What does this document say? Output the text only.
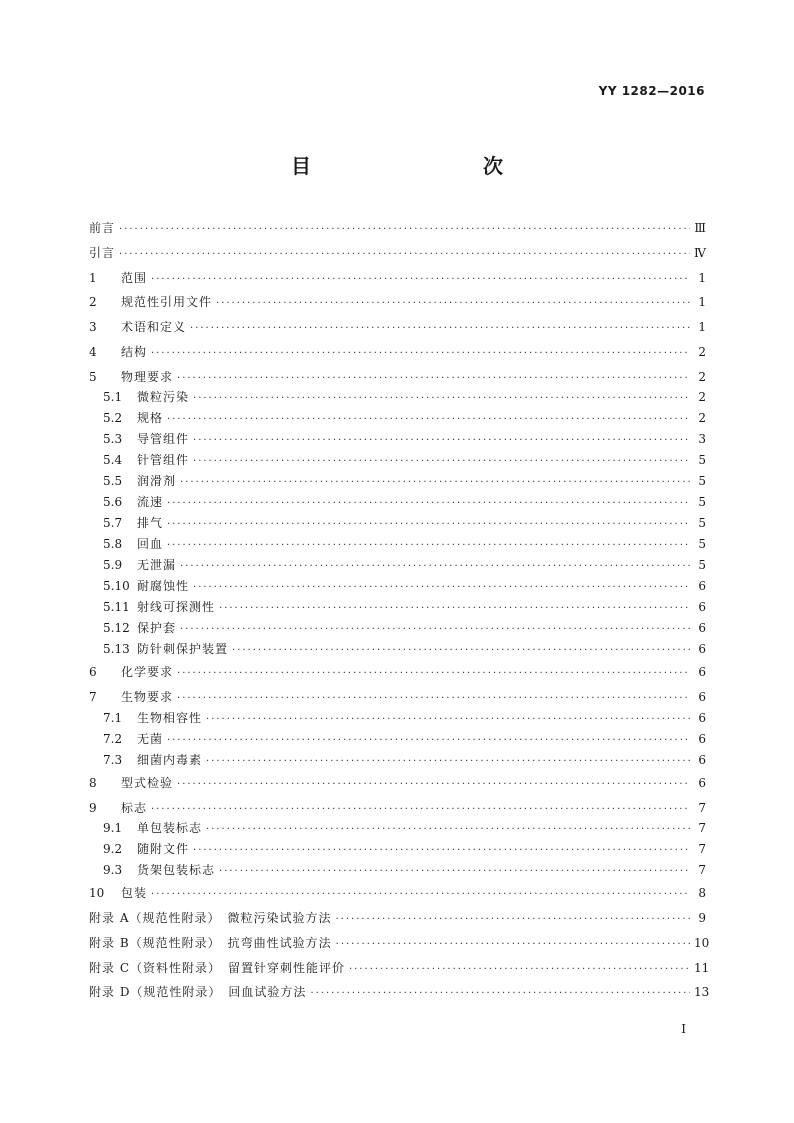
YY 1282—2016
目　　次
前言 ·····	Ⅲ
引言 ·····	Ⅳ
1	范围 ·····	1
2	规范性引用文件 ·····	1
3	术语和定义 ·····	1
4	结构 ·····	2
5	物理要求 ·····	2
5.1	微粒污染 ·····	2
5.2	规格 ·····	2
5.3	导管组件 ·····	3
5.4	针管组件 ·····	5
5.5	润滑剂 ·····	5
5.6	流速 ·····	5
5.7	排气 ·····	5
5.8	回血 ·····	5
5.9	无泄漏 ·····	5
5.10 耐腐蚀性 ·····	6
5.11 射线可探测性 ·····	6
5.12 保护套 ·····	6
5.13 防针刺保护装置 ·····	6
6	化学要求 ·····	6
7	生物要求 ·····	6
7.1	生物相容性 ·····	6
7.2	无菌 ·····	6
7.3	细菌内毒素 ·····	6
8	型式检验 ·····	6
9	标志 ·····	7
9.1	单包装标志 ·····	7
9.2	随附文件 ·····	7
9.3	货架包装标志 ·····	7
10	包装 ·····	8
附录 A（规范性附录）　微粒污染试验方法 ·····	9
附录 B（规范性附录）　抗弯曲性试验方法 ·····	10
附录 C（资料性附录）　留置针穿刺性能评价 ·····	11
附录 D（规范性附录）　回血试验方法 ·····	13
Ⅰ
